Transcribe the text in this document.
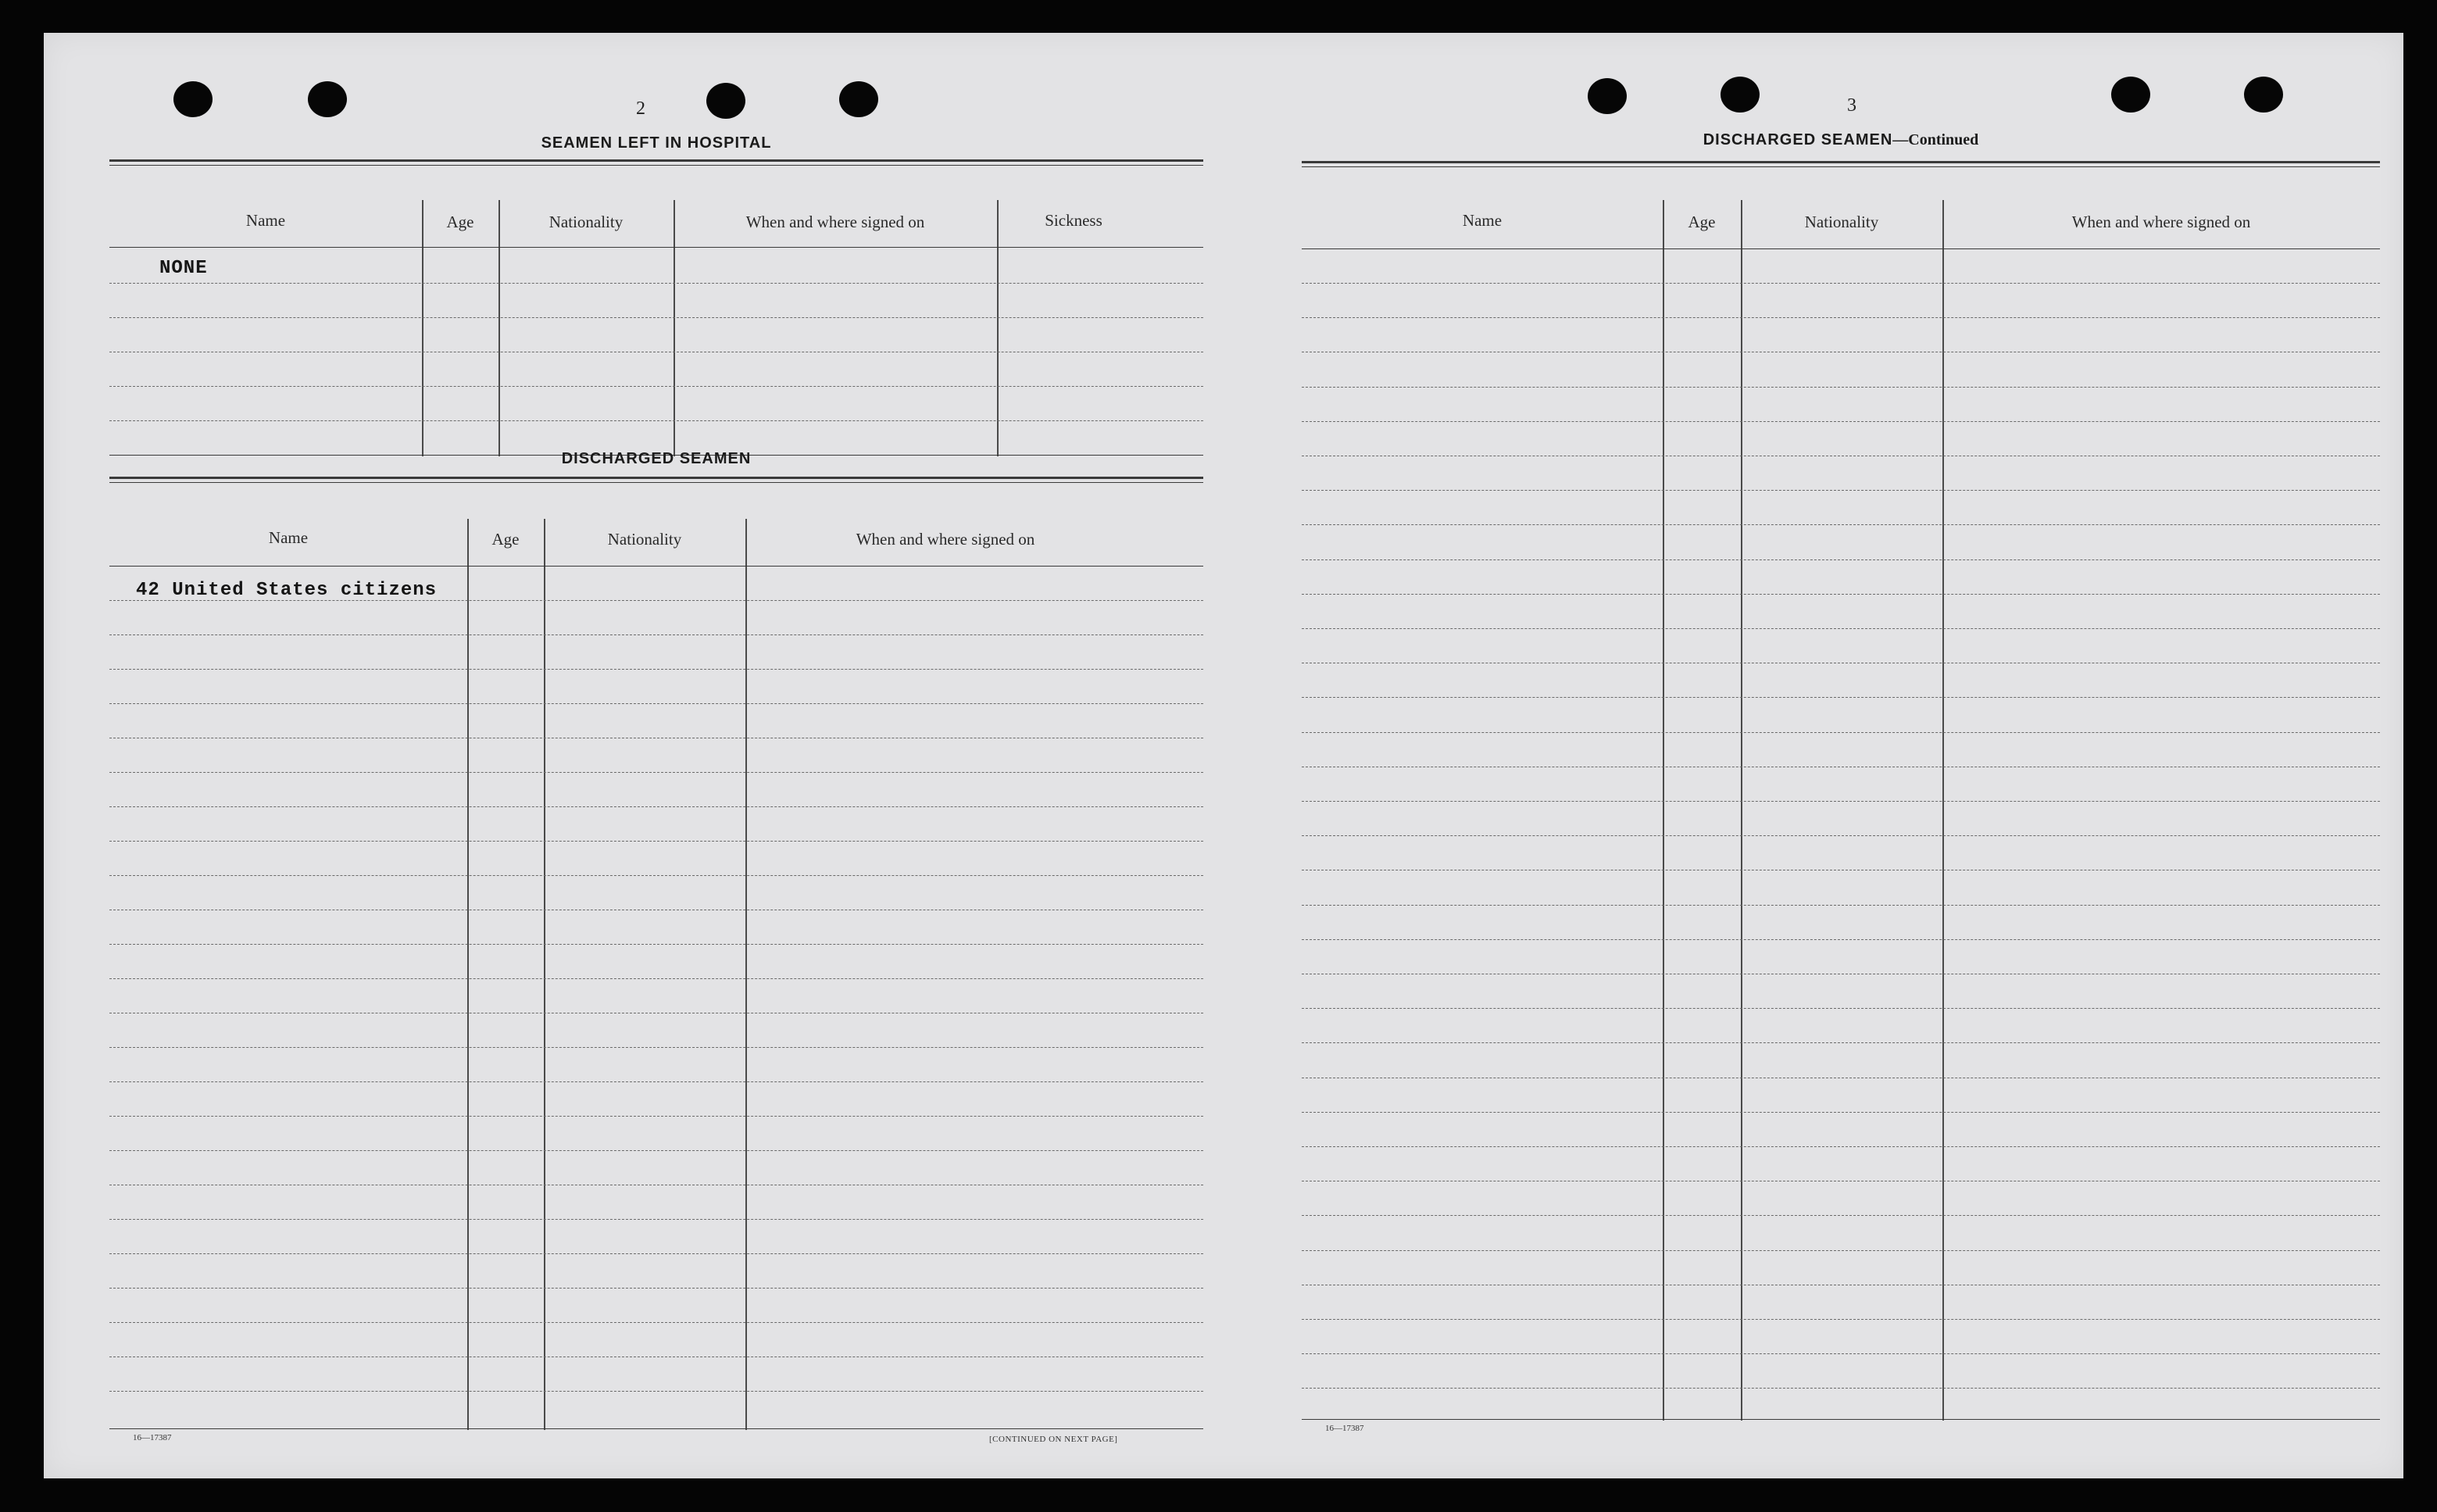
2
SEAMEN LEFT IN HOSPITAL
Name	Age	Nationality	When and where signed on	Sickness
NONE
DISCHARGED SEAMEN
Name	Age	Nationality	When and where signed on
42 United States citizens
16—17387	[CONTINUED ON NEXT PAGE]
3
DISCHARGED SEAMEN—Continued
Name	Age	Nationality	When and where signed on
16—17387
